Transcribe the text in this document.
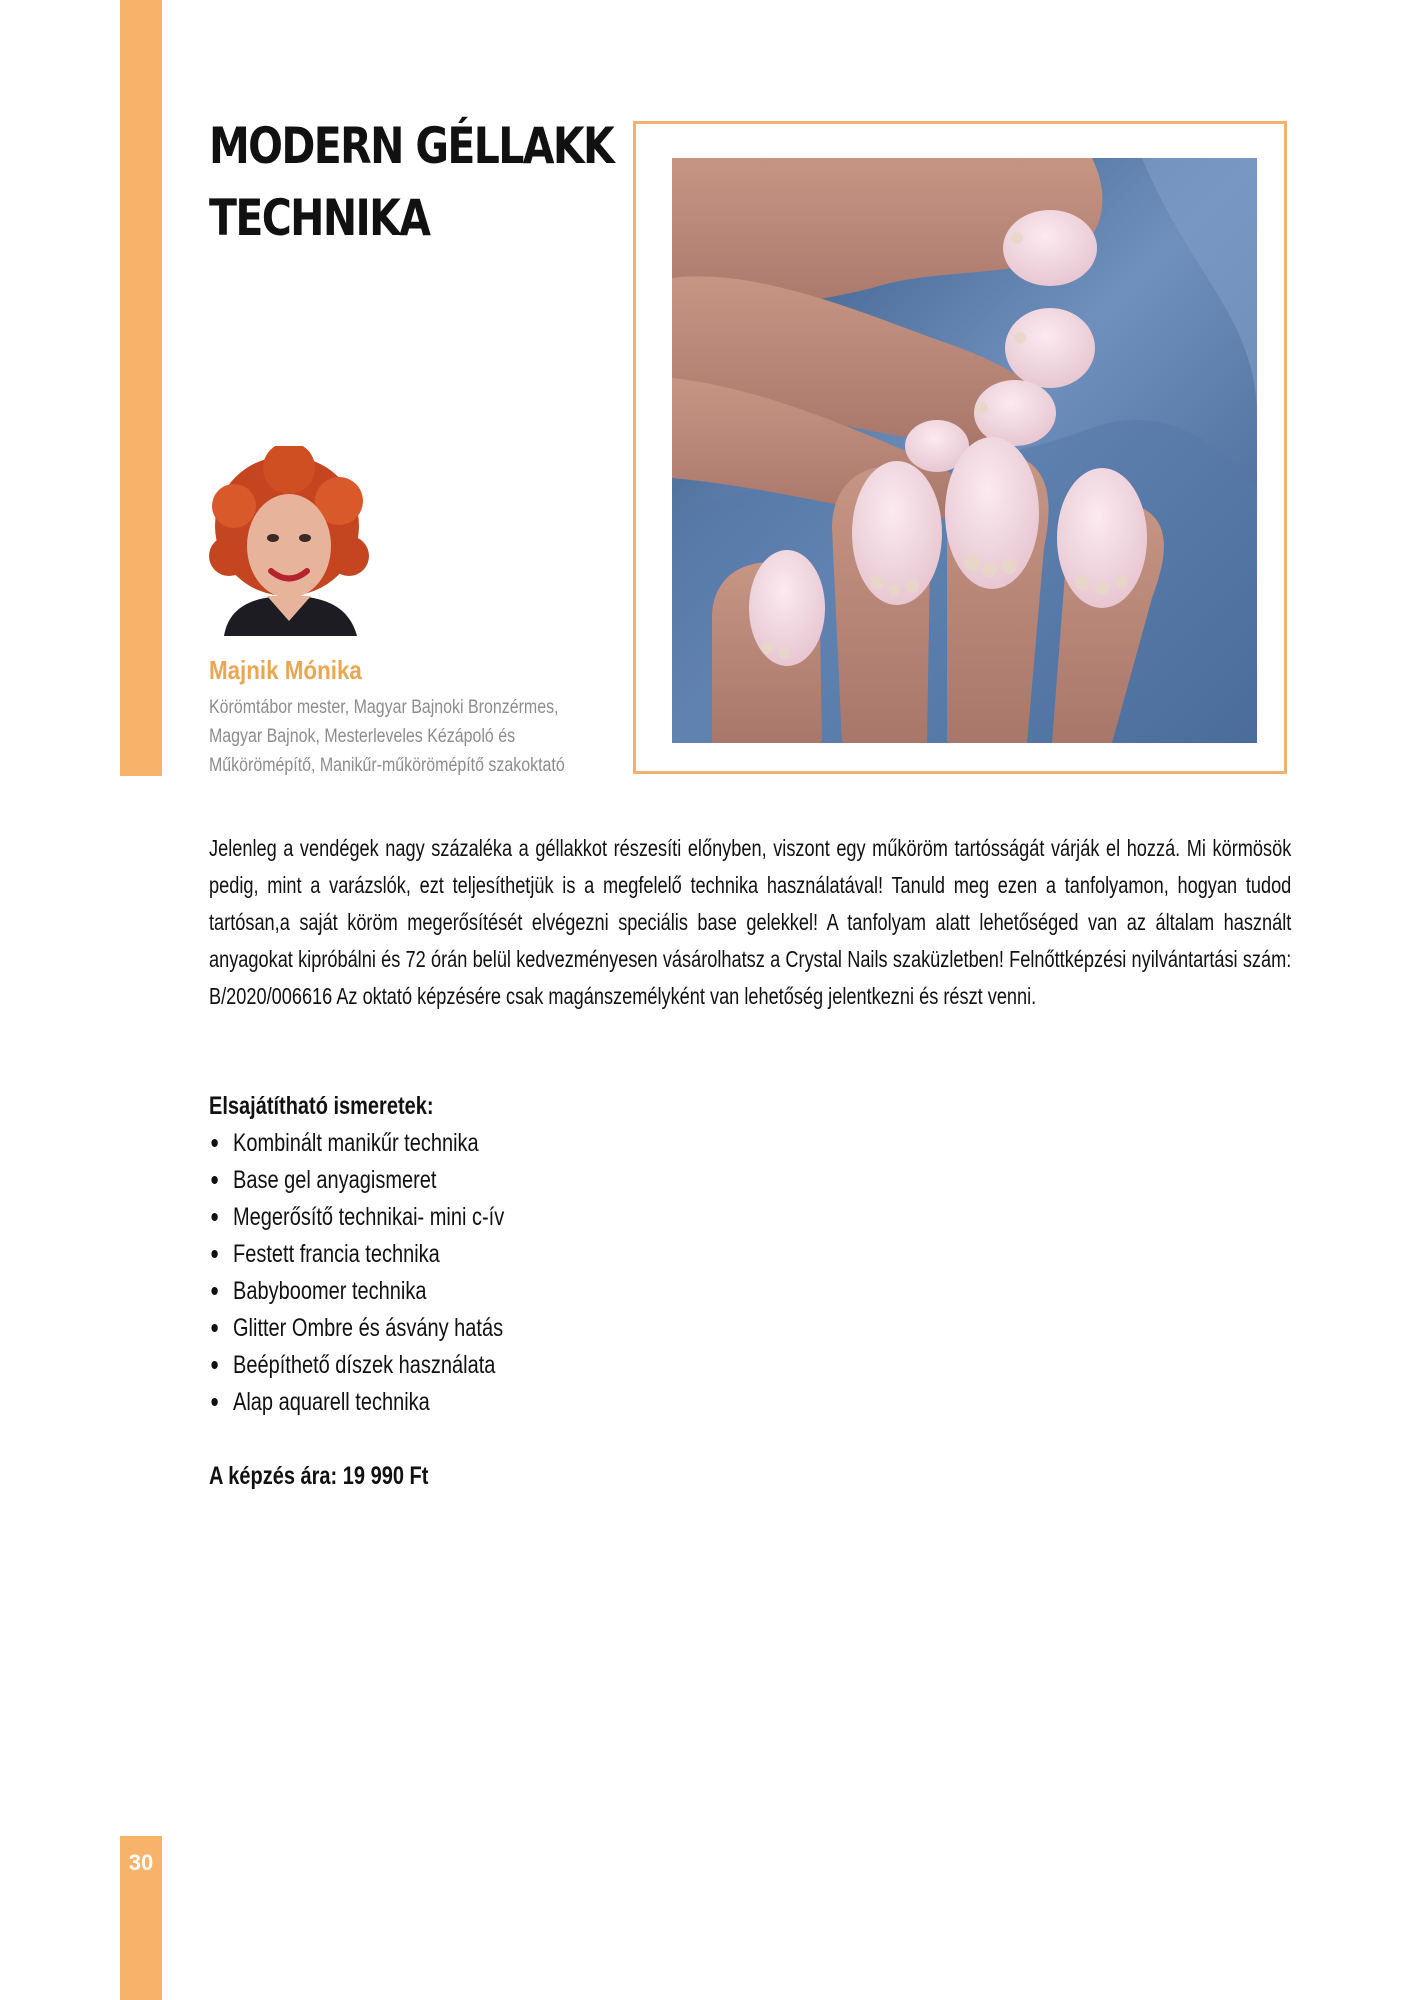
30
MODERN GÉLLAKK
TECHNIKA
Majnik Mónika
Körömtábor mester, Magyar Bajnoki Bronzérmes,
Magyar Bajnok, Mesterleveles Kézápoló és
Műkörömépítő, Manikűr-műkörömépítő szakoktató
Jelenleg a vendégek nagy százaléka a géllakkot részesíti előnyben, viszont egy műköröm tartósságát várják el hozzá. Mi körmösök pedig, mint a varázslók, ezt teljesíthetjük is a megfelelő technika használatával! Tanuld meg ezen a tanfolyamon, hogyan tudod tartósan,a saját köröm megerősítését elvégezni speciális base gelekkel! A tanfolyam alatt lehetőséged van az általam használt anyagokat kipróbálni és 72 órán belül kedvezményesen vásárolhatsz a Crystal Nails szaküzletben! Felnőttképzési nyilvántartási szám: B/2020/006616 Az oktató képzésére csak magánszemélyként van lehetőség jelentkezni és részt venni.
Elsajátítható ismeretek:
Kombinált manikűr technika
Base gel anyagismeret
Megerősítő technikai- mini c-ív
Festett francia technika
Babyboomer technika
Glitter Ombre és ásvány hatás
Beépíthető díszek használata
Alap aquarell technika
A képzés ára: 19 990 Ft
